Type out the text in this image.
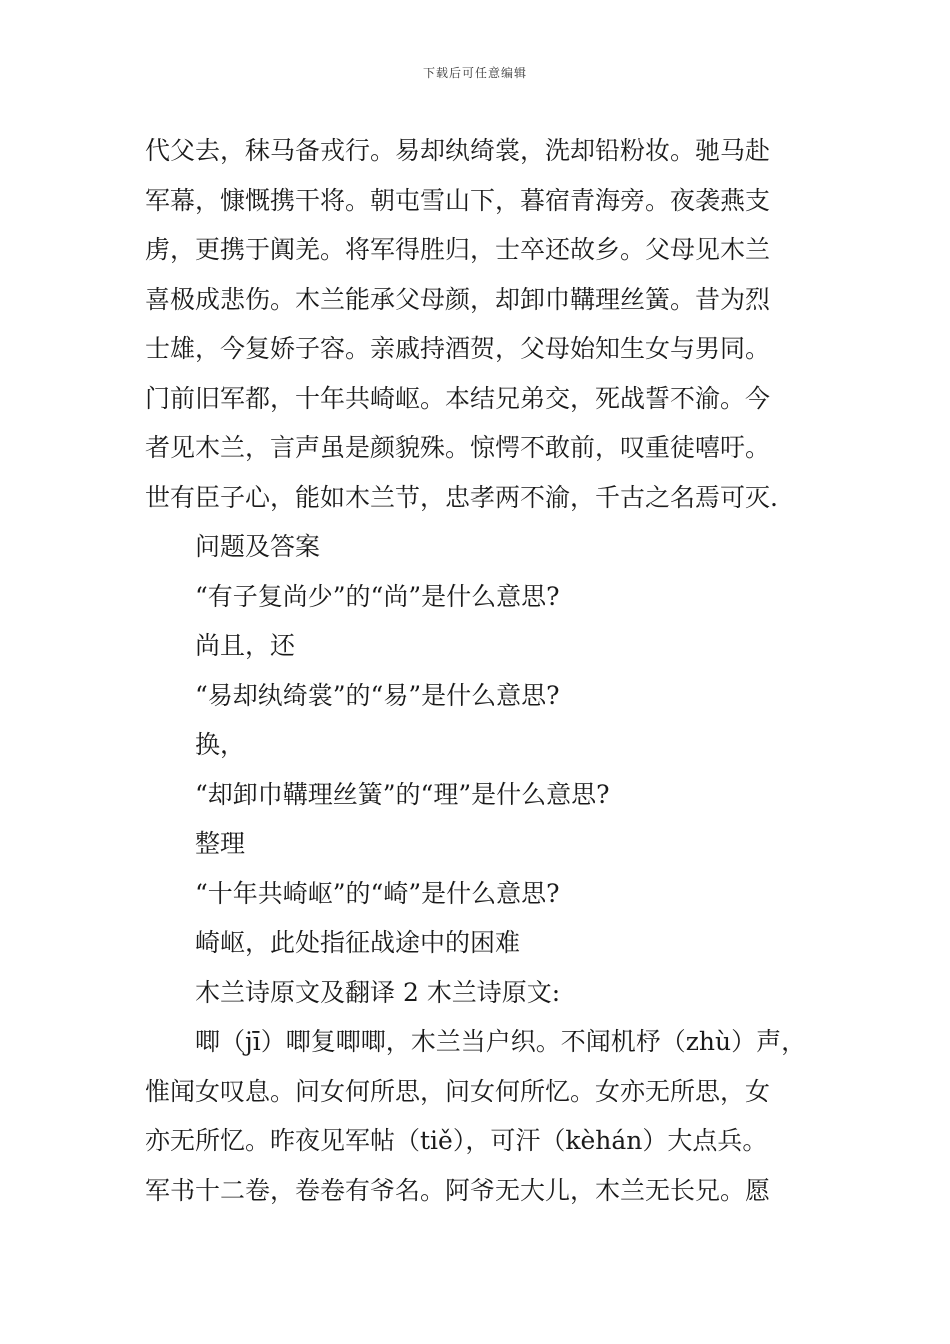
下载后可任意编辑
代父去，秣马备戎行。易却纨绮裳，洗却铅粉妆。驰马赴
军幕，慷慨携干将。朝屯雪山下，暮宿青海旁。夜袭燕支
虏，更携于阗羌。将军得胜归，士卒还故乡。父母见木兰
喜极成悲伤。木兰能承父母颜，却卸巾鞲理丝簧。昔为烈
士雄，今复娇子容。亲戚持酒贺，父母始知生女与男同。
门前旧军都，十年共崎岖。本结兄弟交，死战誓不渝。今
者见木兰，言声虽是颜貌殊。惊愕不敢前，叹重徒嘻吁。
世有臣子心，能如木兰节，忠孝两不渝，千古之名焉可灭.
问题及答案
“有子复尚少”的“尚”是什么意思?
尚且，还
“易却纨绮裳”的“易”是什么意思?
换，
“却卸巾鞲理丝簧”的“理”是什么意思?
整理
“十年共崎岖”的“崎”是什么意思?
崎岖，此处指征战途中的困难
木兰诗原文及翻译 2 木兰诗原文:
唧（jī）唧复唧唧，木兰当户织。不闻机杼（zhù）声，
惟闻女叹息。问女何所思，问女何所忆。女亦无所思，女
亦无所忆。昨夜见军帖（tiě），可汗（kèhán）大点兵。
军书十二卷，卷卷有爷名。阿爷无大儿，木兰无长兄。愿
